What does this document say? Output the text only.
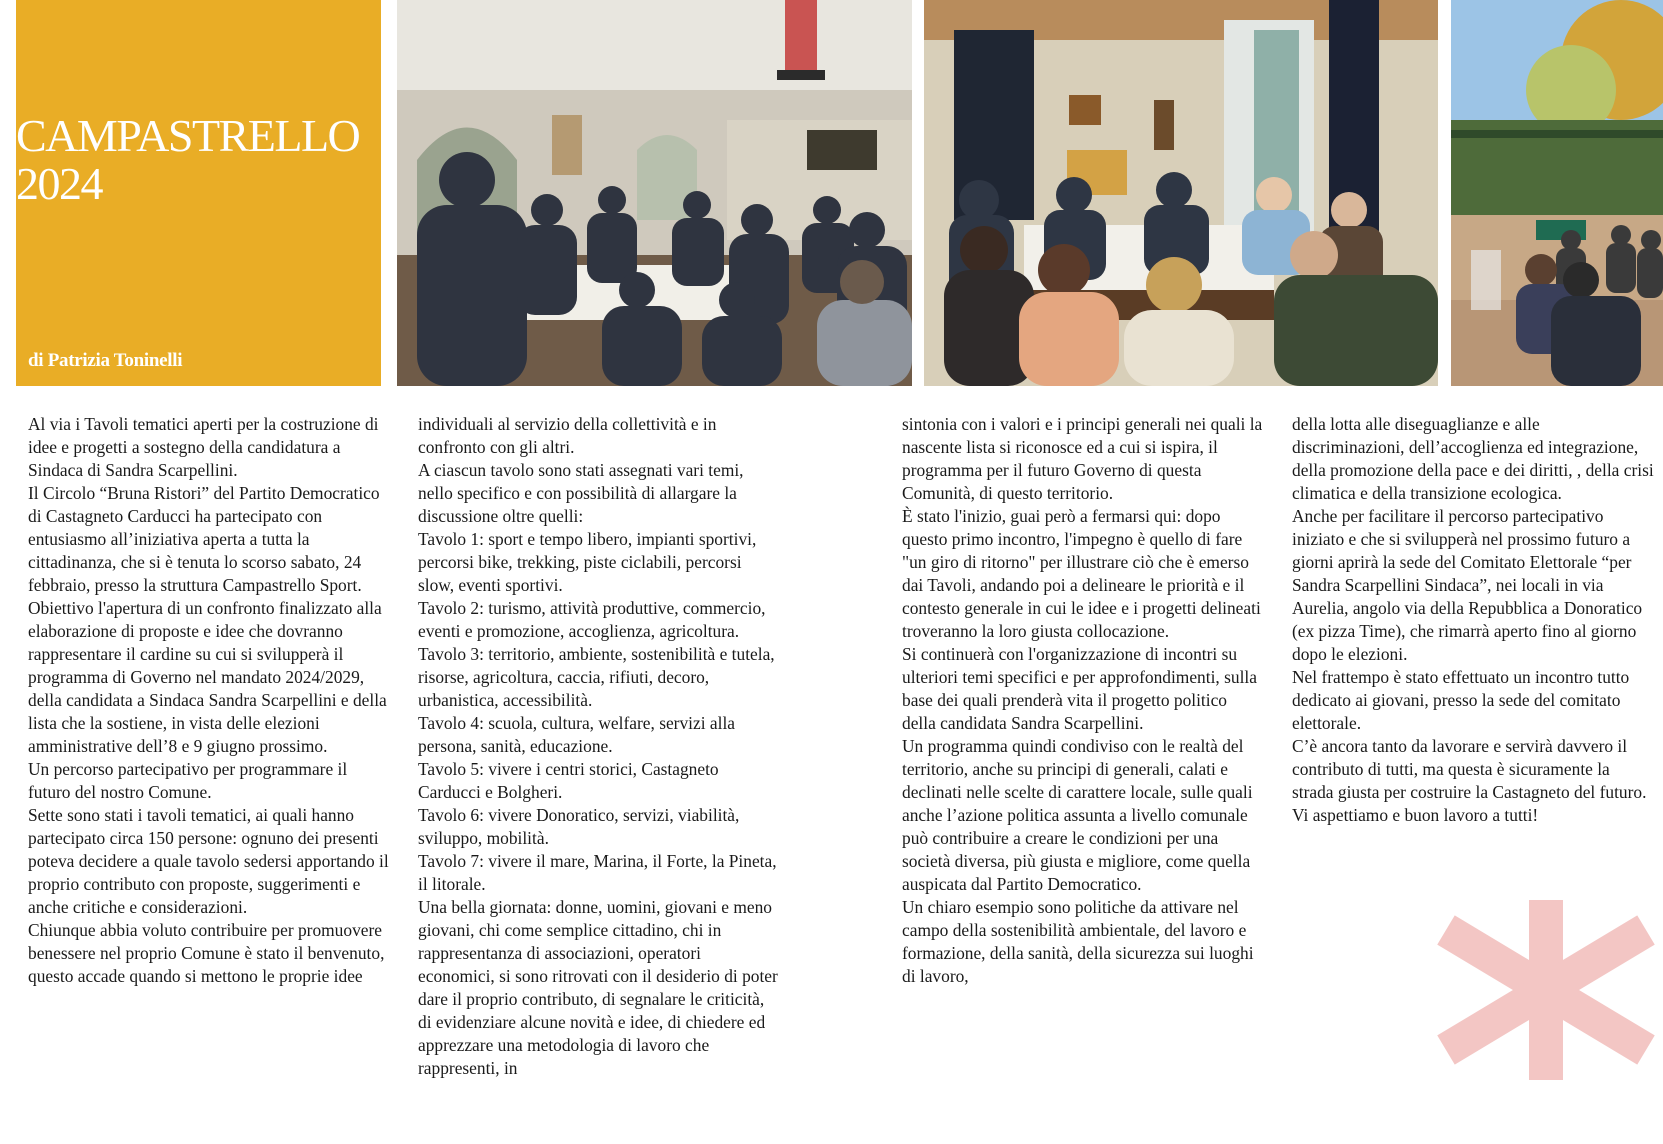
CAMPASTRELLO
2024
di Patrizia Toninelli

Al via i Tavoli tematici aperti per la costruzione di idee e progetti a sostegno della candidatura a Sindaca di Sandra Scarpellini.

Il Circolo “Bruna Ristori” del Partito Democratico di Castagneto Carducci ha partecipato con entusiasmo all’iniziativa aperta a tutta la cittadinanza, che si è tenuta lo scorso sabato, 24 febbraio, presso la struttura Campastrello Sport.

Obiettivo l'apertura di un confronto finalizzato alla elaborazione di proposte e idee che dovranno rappresentare il cardine su cui si svilupperà il programma di Governo nel mandato 2024/2029, della candidata a Sindaca Sandra Scarpellini e della lista che la sostiene, in vista delle elezioni amministrative dell’8 e 9 giugno prossimo.

Un percorso partecipativo per programmare il futuro del nostro Comune.

Sette sono stati i tavoli tematici, ai quali hanno partecipato circa 150 persone: ognuno dei presenti poteva decidere a quale tavolo sedersi apportando il proprio contributo con proposte, suggerimenti e anche critiche e considerazioni.

Chiunque abbia voluto contribuire per promuovere benessere nel proprio Comune è stato il benvenuto, questo accade quando si mettono le proprie idee

individuali al servizio della collettività e in confronto con gli altri.

A ciascun tavolo sono stati assegnati vari temi, nello specifico e con possibilità di allargare la discussione oltre quelli:

Tavolo 1: sport e tempo libero, impianti sportivi, percorsi bike, trekking, piste ciclabili, percorsi slow, eventi sportivi.

Tavolo 2: turismo, attività produttive, commercio, eventi e promozione, accoglienza, agricoltura.

Tavolo 3: territorio, ambiente, sostenibilità e tutela, risorse, agricoltura, caccia, rifiuti, decoro, urbanistica, accessibilità.

Tavolo 4: scuola, cultura, welfare, servizi alla persona, sanità, educazione.

Tavolo 5: vivere i centri storici, Castagneto Carducci e Bolgheri.

Tavolo 6: vivere Donoratico, servizi, viabilità, sviluppo, mobilità.

Tavolo 7: vivere il mare, Marina, il Forte, la Pineta, il litorale.

Una bella giornata: donne, uomini, giovani e meno giovani, chi come semplice cittadino, chi in rappresentanza di associazioni, operatori economici, si sono ritrovati con il desiderio di poter dare il proprio contributo, di segnalare le criticità, di evidenziare alcune novità e idee, di chiedere ed apprezzare una metodologia di lavoro che rappresenti, in

sintonia con i valori e i principi generali nei quali la nascente lista si riconosce ed a cui si ispira, il programma per il futuro Governo di questa Comunità, di questo territorio.

È stato l'inizio, guai però a fermarsi qui: dopo questo primo incontro, l'impegno è quello di fare "un giro di ritorno" per illustrare ciò che è emerso dai Tavoli, andando poi a delineare le priorità e il contesto generale in cui le idee e i progetti delineati troveranno la loro giusta collocazione.

Si continuerà con l'organizzazione di incontri su ulteriori temi specifici e per approfondimenti, sulla base dei quali prenderà vita il progetto politico della candidata Sandra Scarpellini.

Un programma quindi condiviso con le realtà del territorio, anche su principi di generali, calati e declinati nelle scelte di carattere locale, sulle quali anche l’azione politica assunta a livello comunale può contribuire a creare le condizioni per una società diversa, più giusta e migliore, come quella auspicata dal Partito Democratico.

Un chiaro esempio sono politiche da attivare nel campo della sostenibilità ambientale, del lavoro e formazione, della sanità, della sicurezza sui luoghi di lavoro,

della lotta alle diseguaglianze e alle discriminazioni, dell’accoglienza ed integrazione, della promozione della pace e dei diritti, , della crisi climatica e della transizione ecologica.

Anche per facilitare il percorso partecipativo iniziato e che si svilupperà nel prossimo futuro a giorni aprirà la sede del Comitato Elettorale “per Sandra Scarpellini Sindaca”, nei locali in via Aurelia, angolo via della Repubblica a Donoratico (ex pizza Time), che rimarrà aperto fino al giorno dopo le elezioni.

Nel frattempo è stato effettuato un incontro tutto dedicato ai giovani, presso la sede del comitato elettorale.

C’è ancora tanto da lavorare e servirà davvero il contributo di tutti, ma questa è sicuramente la strada giusta per costruire la Castagneto del futuro.

Vi aspettiamo e buon lavoro a tutti!
